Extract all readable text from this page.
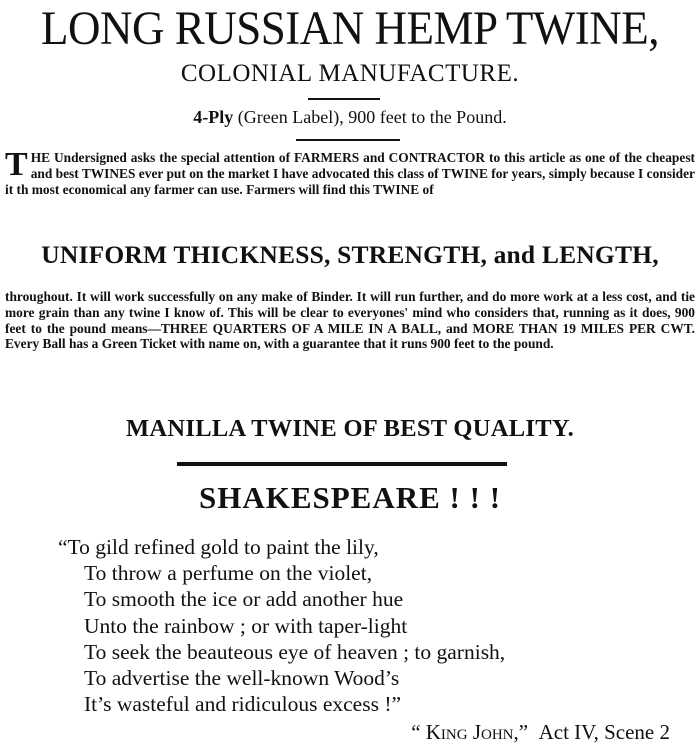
LONG RUSSIAN HEMP TWINE,
COLONIAL MANUFACTURE.
4-Ply (Green Label), 900 feet to the Pound.
THE Undersigned asks the special attention of FARMERS and CONTRACTOR to this article as one of the cheapest and best TWINES ever put on the market I have advocated this class of TWINE for years, simply because I consider it th most economical any farmer can use. Farmers will find this TWINE of
UNIFORM THICKNESS, STRENGTH, and LENGTH,
throughout. It will work successfully on any make of Binder. It will run further, and do more work at a less cost, and tie more grain than any twine I know of. This will be clear to everyones' mind who considers that, running as it does, 900 feet to the pound means—THREE QUARTERS OF A MILE IN A BALL, and MORE THAN 19 MILES PER CWT. Every Ball has a Green Ticket with name on, with a guarantee that it runs 900 feet to the pound.
MANILLA TWINE OF BEST QUALITY.
SHAKESPEARE ! ! !
“To gild refined gold to paint the lily,
To throw a perfume on the violet,
To smooth the ice or add another hue
Unto the rainbow ; or with taper-light
To seek the beauteous eye of heaven ; to garnish,
To advertise the well-known Wood’s
It’s wasteful and ridiculous excess !”
“ King John,” Act IV, Scene 2
